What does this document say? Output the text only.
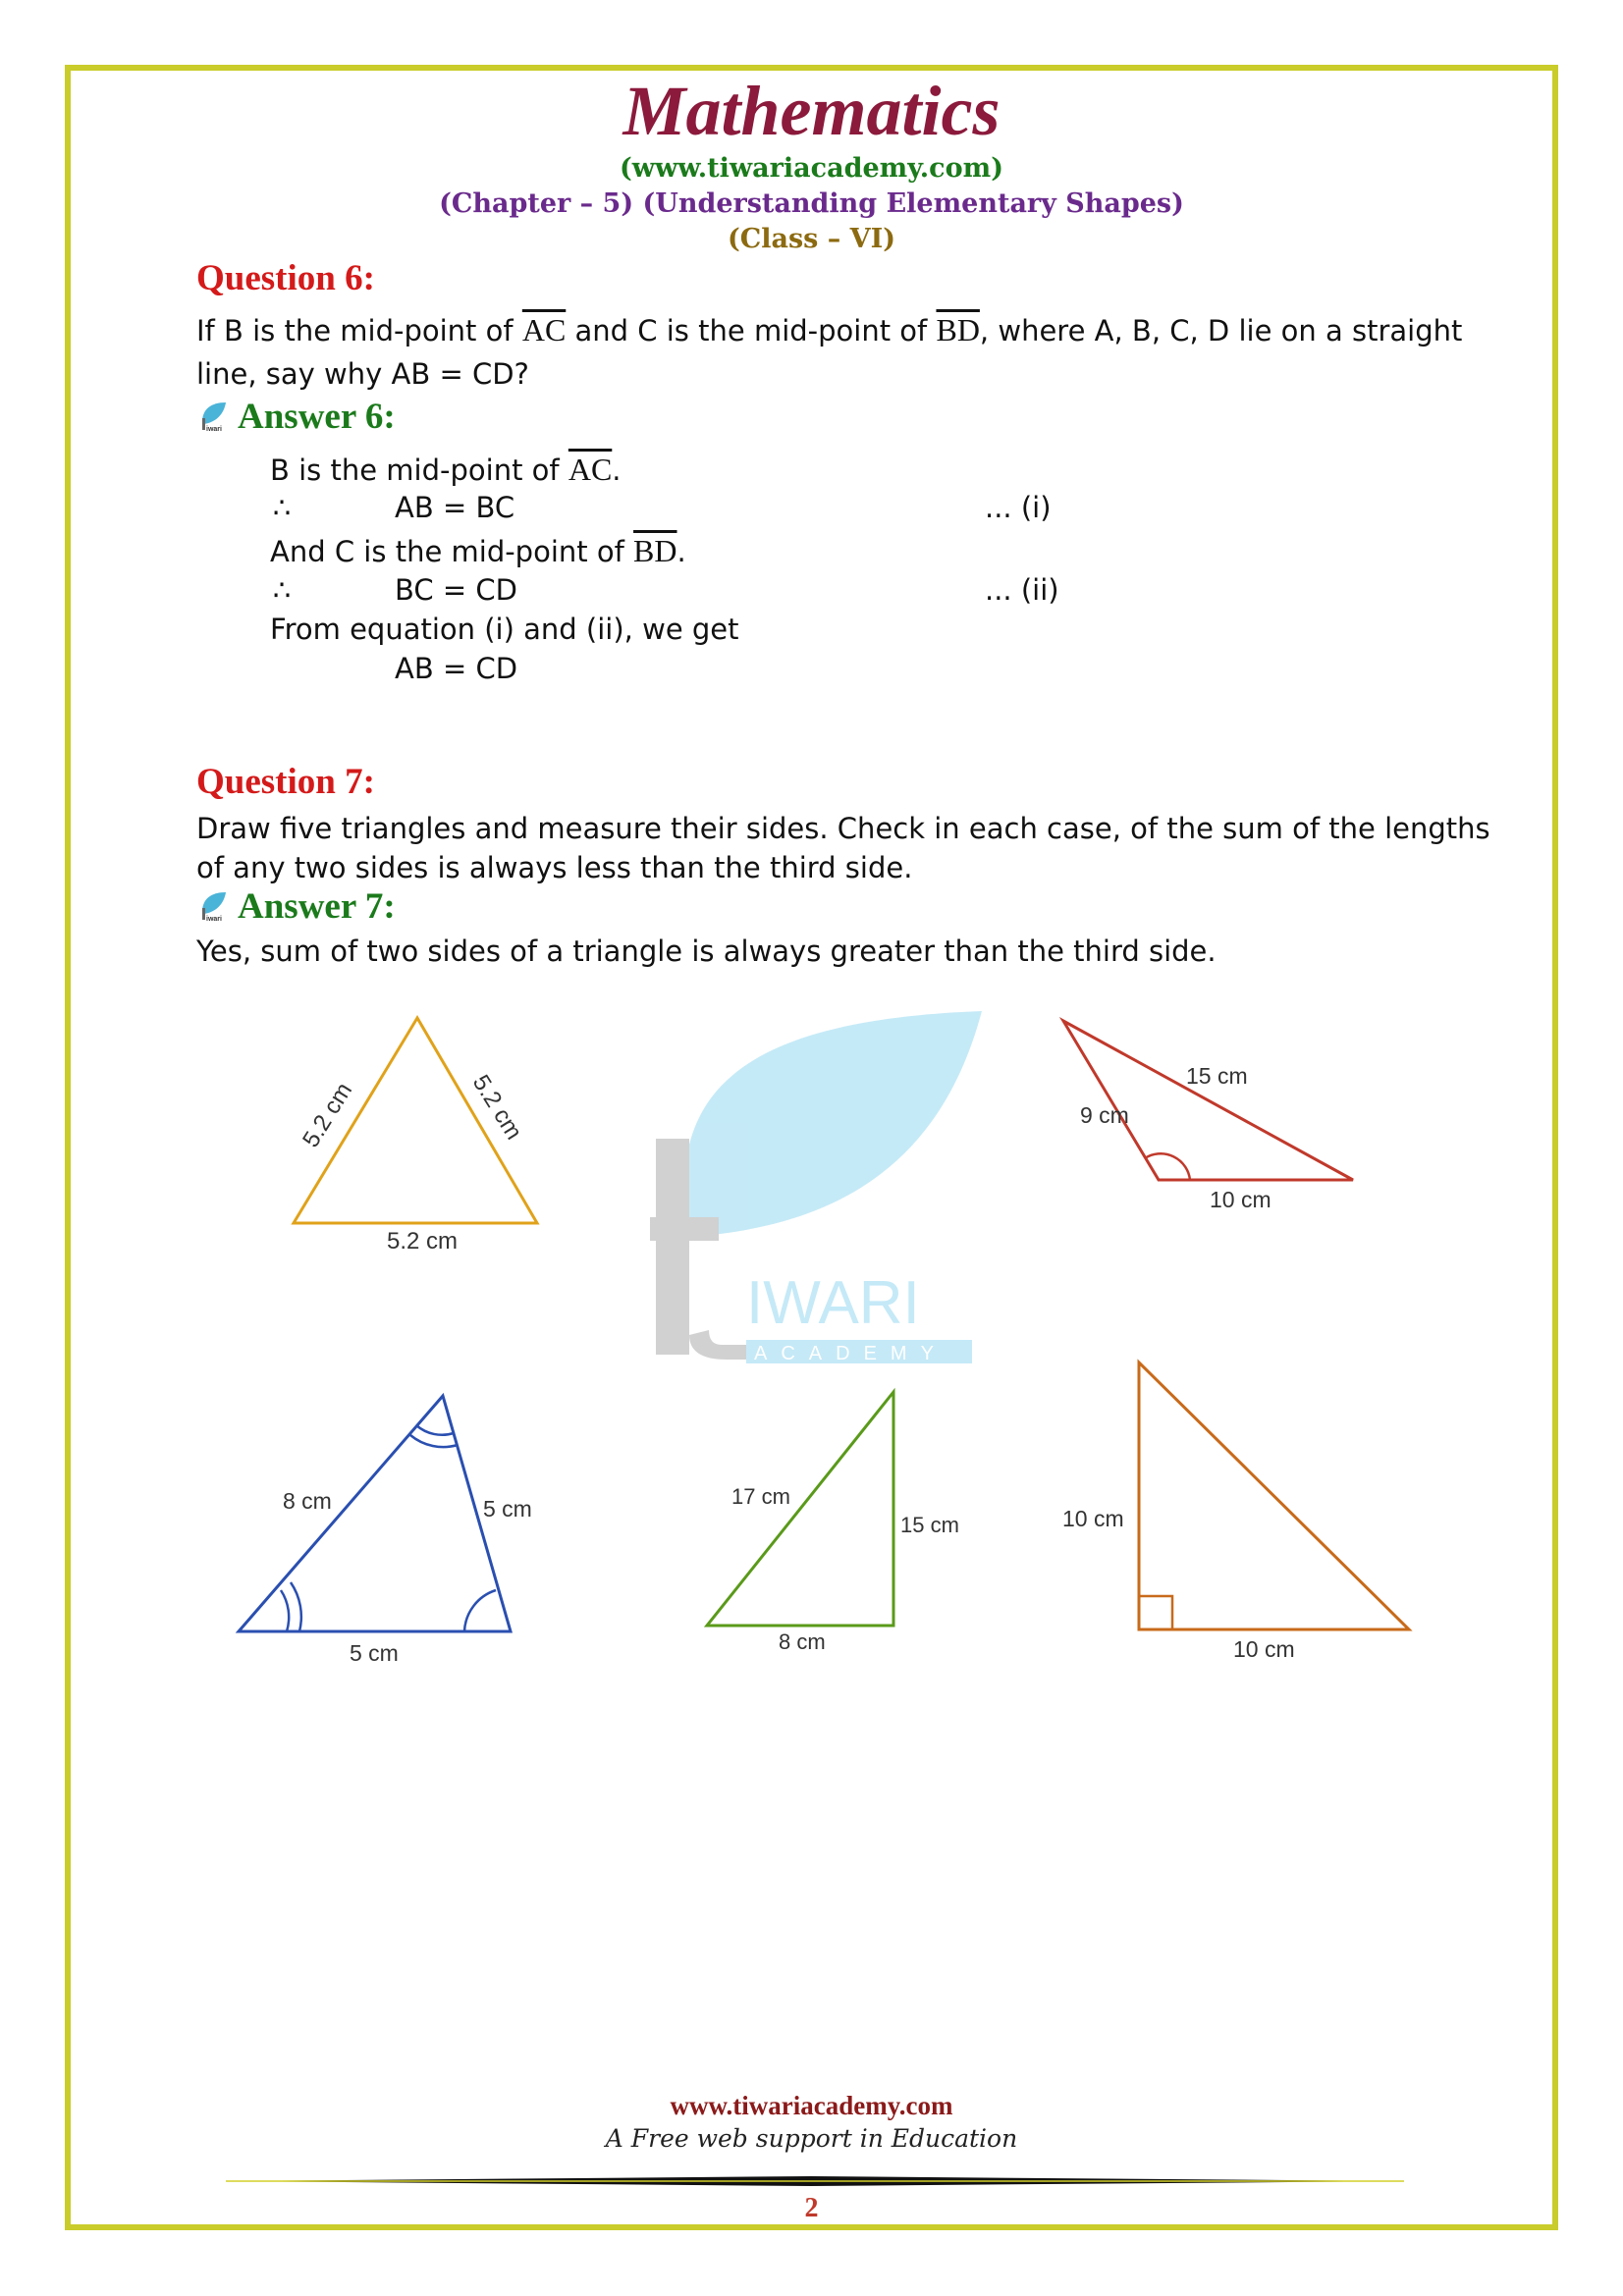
Mathematics
(www.tiwariacademy.com)
(Chapter – 5) (Understanding Elementary Shapes)
(Class – VI)
Question 6:
If B is the mid-point of $\overline{AC}$ and C is the mid-point of $\overline{BD}$, where A, B, C, D lie on a straight
line, say why AB = CD?
iwari Answer 6:
B is the mid-point of $\overline{AC}$.
∴	AB = BC	... (i)
And C is the mid-point of $\overline{BD}$.
∴	BC = CD	... (ii)
From equation (i) and (ii), we get
AB = CD
Question 7:
Draw five triangles and measure their sides. Check in each case, of the sum of the lengths
of any two sides is always less than the third side.
iwari Answer 7:
Yes, sum of two sides of a triangle is always greater than the third side.
IWARI
ACADEMY
5.2 cm	5.2 cm
5.2 cm
9 cm
15 cm
10 cm
8 cm	5 cm
5 cm
17 cm
15 cm
8 cm
10 cm
10 cm
www.tiwariacademy.com
A Free web support in Education
2
